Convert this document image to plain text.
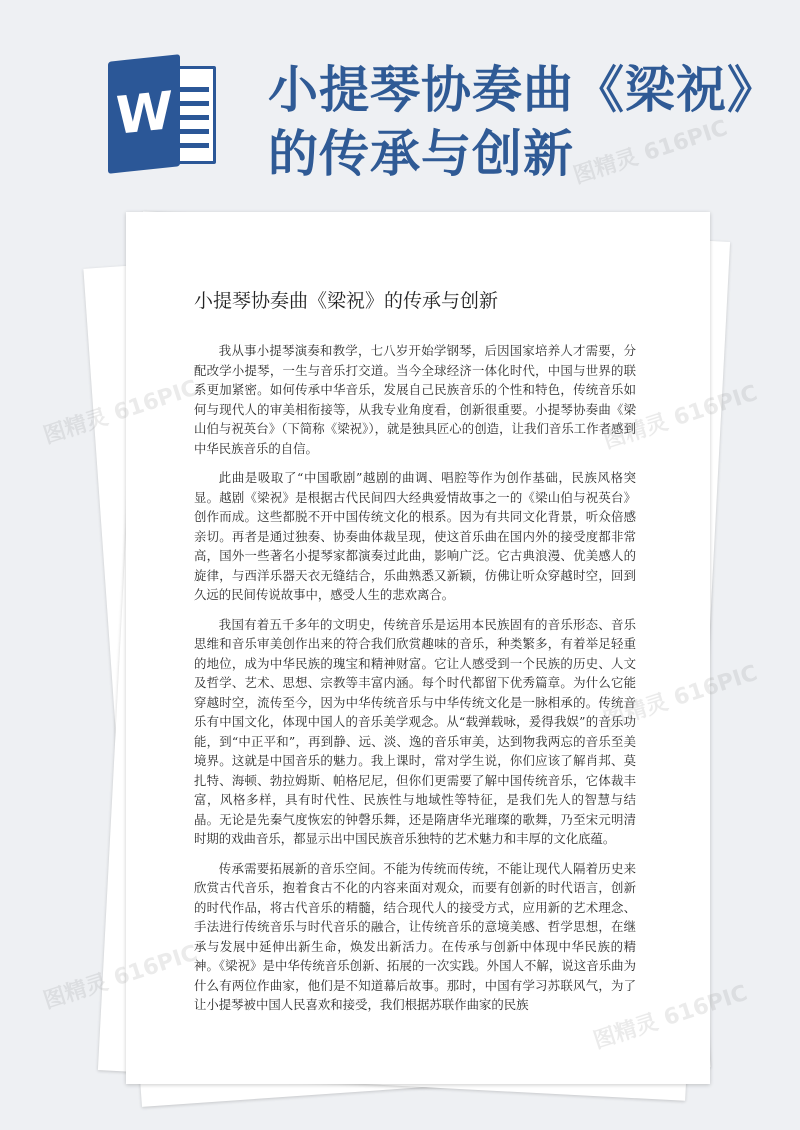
W 小提琴协奏曲《梁祝》
的传承与创新
小提琴协奏曲《梁祝》的传承与创新

我从事小提琴演奏和教学，七八岁开始学钢琴，后因国家培养人才需要，分配改学小提琴，一生与音乐打交道。当今全球经济一体化时代，中国与世界的联系更加紧密。如何传承中华音乐，发展自己民族音乐的个性和特色，传统音乐如何与现代人的审美相衔接等，从我专业角度看，创新很重要。小提琴协奏曲《梁山伯与祝英台》（下简称《梁祝》），就是独具匠心的创造，让我们音乐工作者感到中华民族音乐的自信。

此曲是吸取了“中国歌剧”越剧的曲调、唱腔等作为创作基础，民族风格突显。越剧《梁祝》是根据古代民间四大经典爱情故事之一的《梁山伯与祝英台》创作而成。这些都脱不开中国传统文化的根系。因为有共同文化背景，听众倍感亲切。再者是通过独奏、协奏曲体裁呈现，使这首乐曲在国内外的接受度都非常高，国外一些著名小提琴家都演奏过此曲，影响广泛。它古典浪漫、优美感人的旋律，与西洋乐器天衣无缝结合，乐曲熟悉又新颖，仿佛让听众穿越时空，回到久远的民间传说故事中，感受人生的悲欢离合。

我国有着五千多年的文明史，传统音乐是运用本民族固有的音乐形态、音乐思维和音乐审美创作出来的符合我们欣赏趣味的音乐，种类繁多，有着举足轻重的地位，成为中华民族的瑰宝和精神财富。它让人感受到一个民族的历史、人文及哲学、艺术、思想、宗教等丰富内涵。每个时代都留下优秀篇章。为什么它能穿越时空，流传至今，因为中华传统音乐与中华传统文化是一脉相承的。传统音乐有中国文化，体现中国人的音乐美学观念。从“载弹载咏，爰得我娱”的音乐功能，到“中正平和”，再到静、远、淡、逸的音乐审美，达到物我两忘的音乐至美境界。这就是中国音乐的魅力。我上课时，常对学生说，你们应该了解肖邦、莫扎特、海顿、勃拉姆斯、帕格尼尼，但你们更需要了解中国传统音乐，它体裁丰富，风格多样，具有时代性、民族性与地域性等特征，是我们先人的智慧与结晶。无论是先秦气度恢宏的钟磬乐舞，还是隋唐华光璀璨的歌舞，乃至宋元明清时期的戏曲音乐，都显示出中国民族音乐独特的艺术魅力和丰厚的文化底蕴。

传承需要拓展新的音乐空间。不能为传统而传统，不能让现代人隔着历史来欣赏古代音乐，抱着食古不化的内容来面对观众，而要有创新的时代语言，创新的时代作品，将古代音乐的精髓，结合现代人的接受方式，应用新的艺术理念、手法进行传统音乐与时代音乐的融合，让传统音乐的意境美感、哲学思想，在继承与发展中延伸出新生命，焕发出新活力。在传承与创新中体现中华民族的精神。《梁祝》是中华传统音乐创新、拓展的一次实践。外国人不解，说这音乐曲为什么有两位作曲家，他们是不知道幕后故事。那时，中国有学习苏联风气，为了让小提琴被中国人民喜欢和接受，我们根据苏联作曲家的民族

图精灵 616PIC
图精灵
616PIC
图精灵
